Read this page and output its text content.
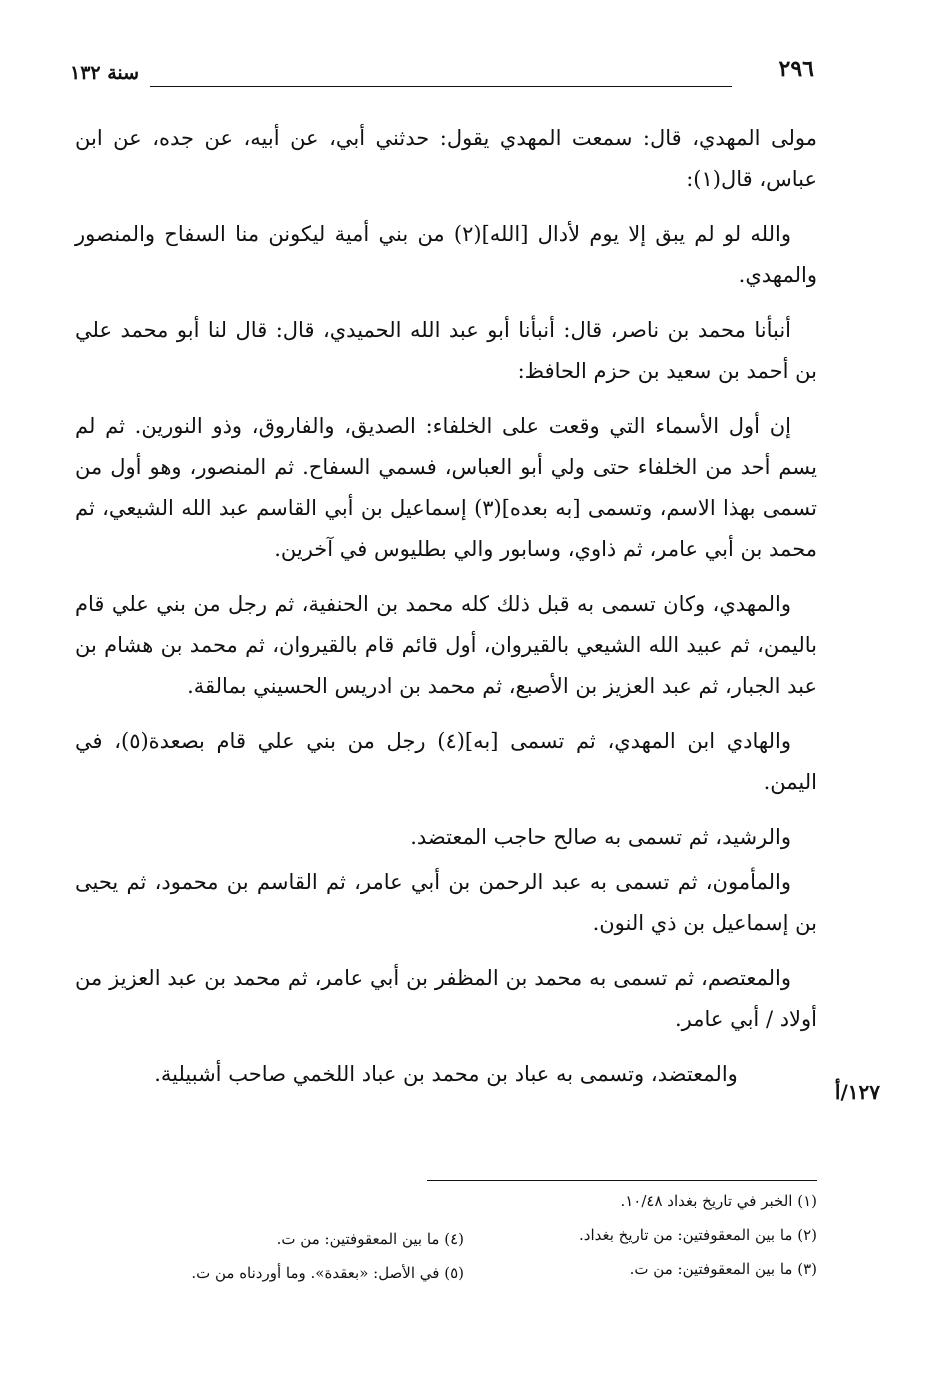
٢٩٦
سنة ١٣٢

مولى المهدي، قال: سمعت المهدي يقول: حدثني أبي، عن أبيه، عن جده، عن ابن عباس، قال(١):

والله لو لم يبق إلا يوم لأدال [الله](٢) من بني أمية ليكونن منا السفاح والمنصور والمهدي.

أنبأنا محمد بن ناصر، قال: أنبأنا أبو عبد الله الحميدي، قال: قال لنا أبو محمد علي بن أحمد بن سعيد بن حزم الحافظ:

إن أول الأسماء التي وقعت على الخلفاء: الصديق، والفاروق، وذو النورين. ثم لم يسم أحد من الخلفاء حتى ولي أبو العباس، فسمي السفاح. ثم المنصور، وهو أول من تسمى بهذا الاسم، وتسمى [به بعده](٣) إسماعيل بن أبي القاسم عبد الله الشيعي، ثم محمد بن أبي عامر، ثم ذاوي، وسابور والي بطليوس في آخرين.

والمهدي، وكان تسمى به قبل ذلك كله محمد بن الحنفية، ثم رجل من بني علي قام باليمن، ثم عبيد الله الشيعي بالقيروان، أول قائم قام بالقيروان، ثم محمد بن هشام بن عبد الجبار، ثم عبد العزيز بن الأصبع، ثم محمد بن ادريس الحسيني بمالقة.

والهادي ابن المهدي، ثم تسمى [به](٤) رجل من بني علي قام بصعدة(٥)، في اليمن.

والرشيد، ثم تسمى به صالح حاجب المعتضد.

والمأمون، ثم تسمى به عبد الرحمن بن أبي عامر، ثم القاسم بن محمود، ثم يحيى بن إسماعيل بن ذي النون.

والمعتصم، ثم تسمى به محمد بن المظفر بن أبي عامر، ثم محمد بن عبد العزيز من أولاد / أبي عامر.

والمعتضد، وتسمى به عباد بن محمد بن عباد اللخمي صاحب أشبيلية.

١٢٧/أ
(١) الخبر في تاريخ بغداد ١٠/٤٨.
(٢) ما بين المعقوفتين: من تاريخ بغداد.
(٣) ما بين المعقوفتين: من ت.
(٤) ما بين المعقوفتين: من ت.
(٥) في الأصل: «بعقدة». وما أوردناه من ت.
